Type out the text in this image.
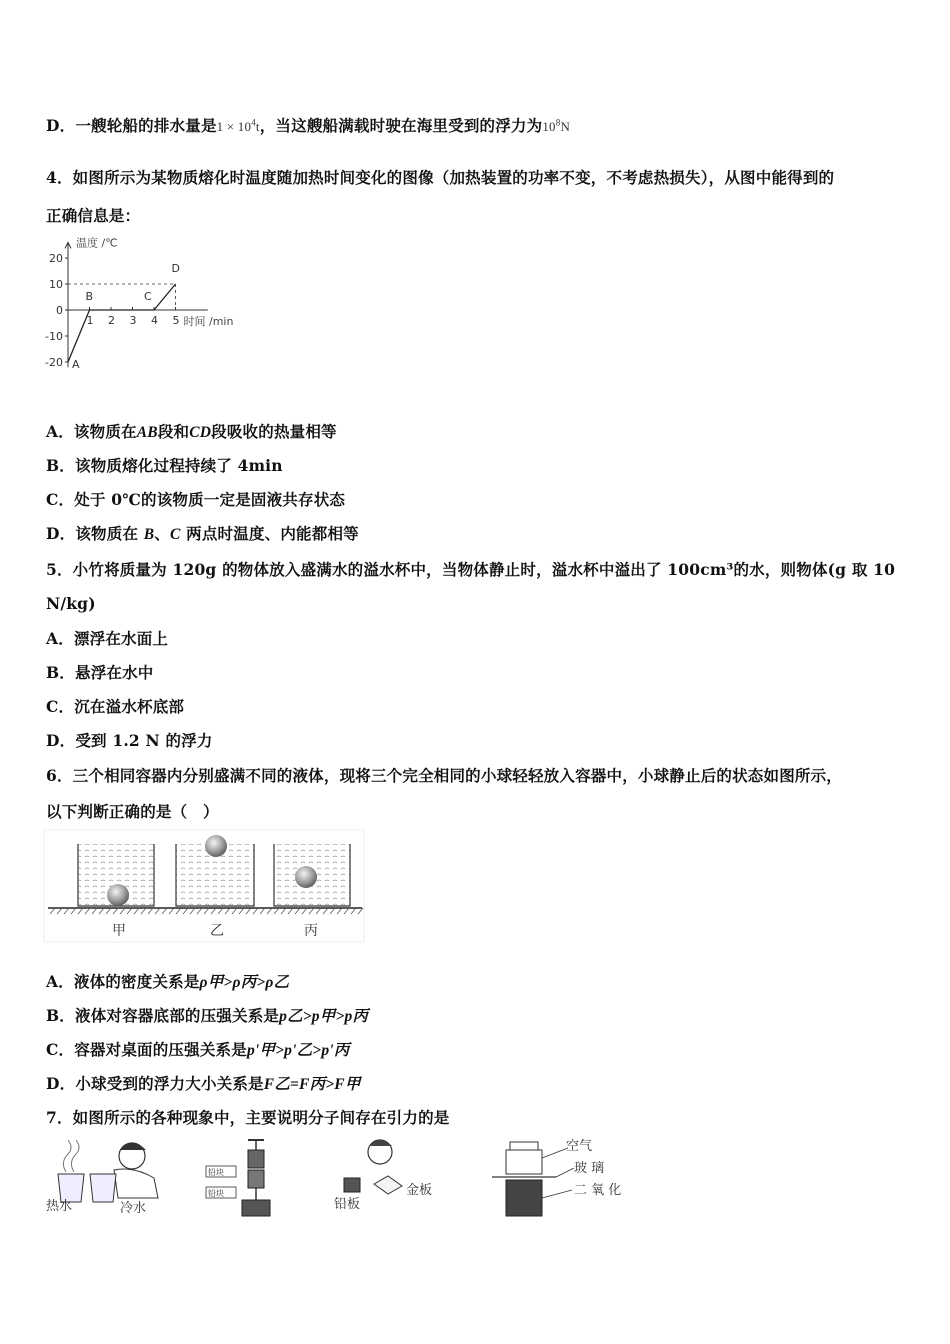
D．一艘轮船的排水量是$1 \times 10^4t$，当这艘船满载时驶在海里受到的浮力为$10^8N$
4．如图所示为某物质熔化时温度随加热时间变化的图像（加热装置的功率不变，不考虑热损失），从图中能得到的
正确信息是：
温度 /℃
时间 /min
20
10
0
-10
-20
1 2 3 4 5
A
B	C
D
A．该物质在AB段和CD段吸收的热量相等
B．该物质熔化过程持续了 4min
C．处于 0℃的该物质一定是固液共存状态
D．该物质在 B、C 两点时温度、内能都相等
5．小竹将质量为 120g 的物体放入盛满水的溢水杯中，当物体静止时，溢水杯中溢出了 100cm³的水，则物体(g 取 10
N/kg)
A．漂浮在水面上
B．悬浮在水中
C．沉在溢水杯底部
D．受到 1.2 N 的浮力
6．三个相同容器内分别盛满不同的液体，现将三个完全相同的小球轻轻放入容器中，小球静止后的状态如图所示，
以下判断正确的是（　）
甲	乙	丙
A．液体的密度关系是ρ甲>ρ丙>ρ乙
B．液体对容器底部的压强关系是p乙>p甲>p丙
C．容器对桌面的压强关系是p'甲>p'乙>p'丙
D．小球受到的浮力大小关系是F乙=F丙>F甲
7．如图所示的各种现象中，主要说明分子间存在引力的是
热水	冷水
铅块
铅块
铅板
金板
空气
玻 璃
二 氧 化
